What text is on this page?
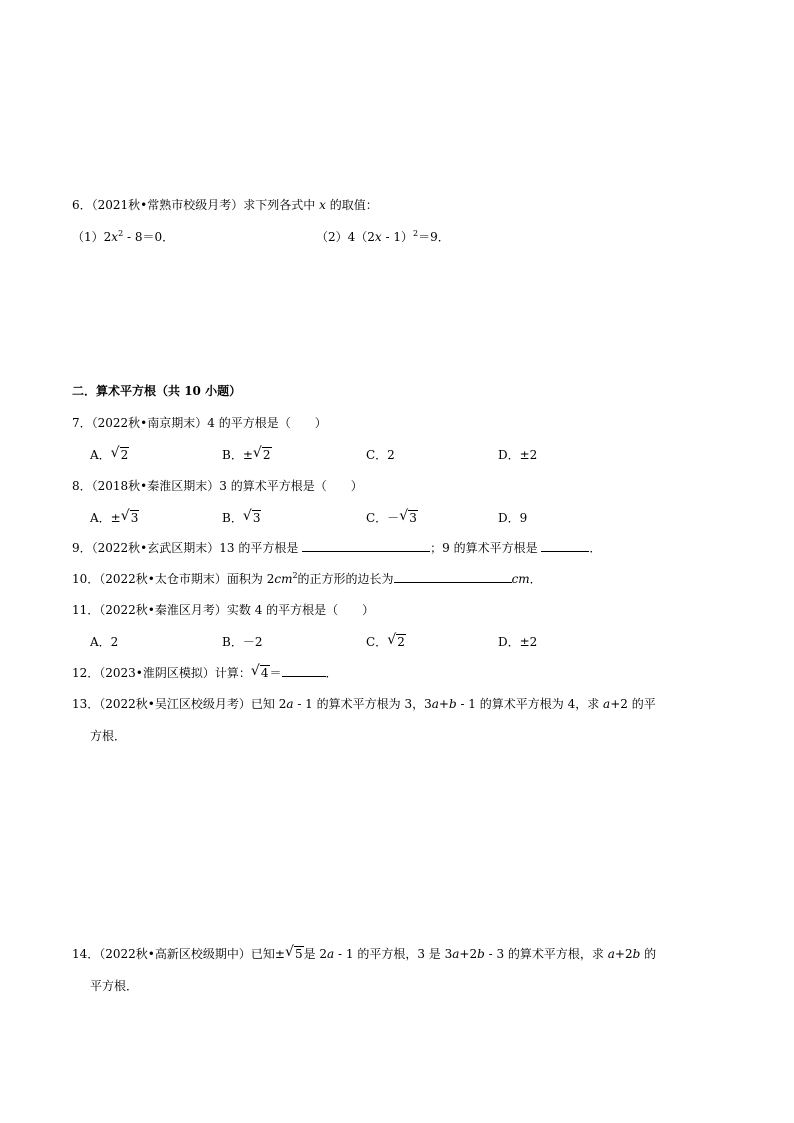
6．（2021秋•常熟市校级月考）求下列各式中 x 的取值：
$(1)2x^2 - 8=0$．	（2）4（2x - 1）$^2$＝9．
二．算术平方根（共 10 小题）
7．（2022秋•南京期末）4 的平方根是（　　）
A． √ 2	B．± √ 2	C．2	D．±2
8．（2018秋•秦淮区期末）3 的算术平方根是（　　）
A．± √ 3	B． √ 3	C．－ √ 3	D．9
9．（2022秋•玄武区期末）13 的平方根是	；9 的算术平方根是	．
10．（2022秋•太仓市期末）面积为 $2cm^2$的正方形的边长为	cm．
11．（2022秋•秦淮区月考）实数 4 的平方根是（　　）
A．2	B．－2	C． √ 2	D．±2
12．（2023•淮阴区模拟）计算： √ 4＝	．
13．（2022秋•吴江区校级月考）已知 2a - 1 的算术平方根为 3，3a+b - 1 的算术平方根为 4，求 a+2 的平
方根．
14．（2022秋•高新区校级期中）已知± √ 5是 2a - 1 的平方根，3 是 3a+2b - 3 的算术平方根，求 a+2b 的
平方根．
